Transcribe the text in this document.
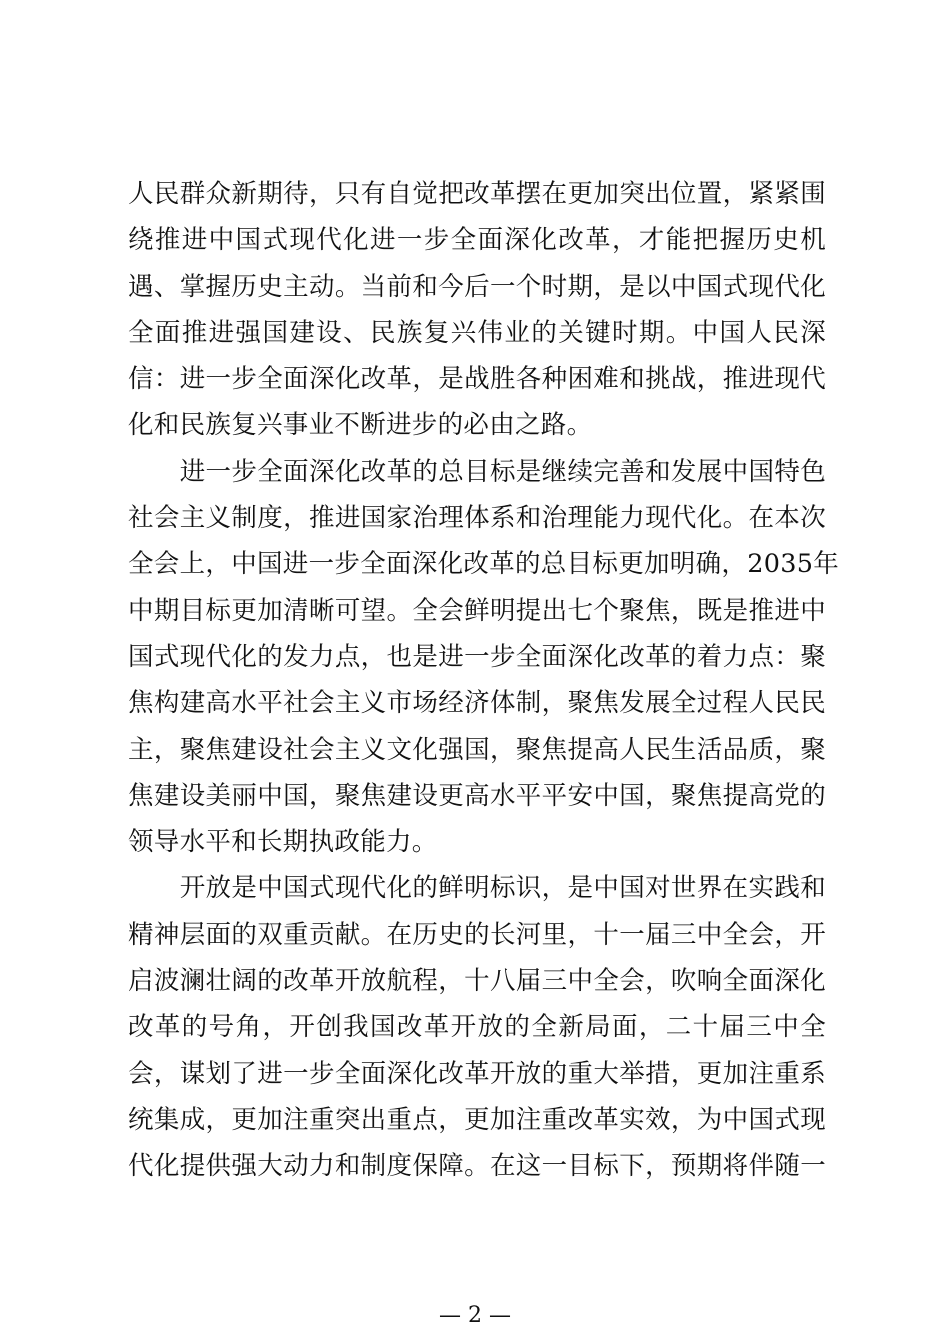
人民群众新期待，只有自觉把改革摆在更加突出位置，紧紧围
绕推进中国式现代化进一步全面深化改革，才能把握历史机
遇、掌握历史主动。当前和今后一个时期，是以中国式现代化
全面推进强国建设、民族复兴伟业的关键时期。中国人民深
信：进一步全面深化改革，是战胜各种困难和挑战，推进现代
化和民族复兴事业不断进步的必由之路。
　　进一步全面深化改革的总目标是继续完善和发展中国特色
社会主义制度，推进国家治理体系和治理能力现代化。在本次
全会上，中国进一步全面深化改革的总目标更加明确，2035年
中期目标更加清晰可望。全会鲜明提出七个聚焦，既是推进中
国式现代化的发力点，也是进一步全面深化改革的着力点：聚
焦构建高水平社会主义市场经济体制，聚焦发展全过程人民民
主，聚焦建设社会主义文化强国，聚焦提高人民生活品质，聚
焦建设美丽中国，聚焦建设更高水平平安中国，聚焦提高党的
领导水平和长期执政能力。
　　开放是中国式现代化的鲜明标识，是中国对世界在实践和
精神层面的双重贡献。在历史的长河里，十一届三中全会，开
启波澜壮阔的改革开放航程，十八届三中全会，吹响全面深化
改革的号角，开创我国改革开放的全新局面，二十届三中全
会，谋划了进一步全面深化改革开放的重大举措，更加注重系
统集成，更加注重突出重点，更加注重改革实效，为中国式现
代化提供强大动力和制度保障。在这一目标下，预期将伴随一
— 2 —
